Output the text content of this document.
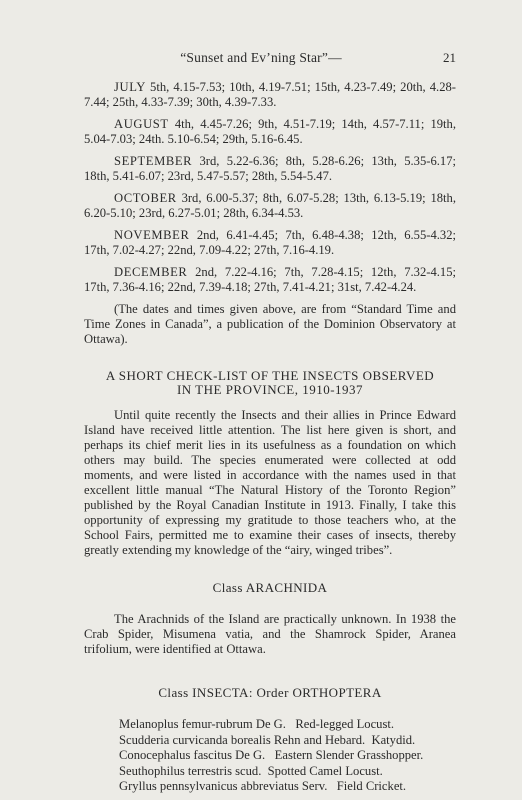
“Sunset and Ev’ning Star”—	21

JULY 5th, 4.15-7.53; 10th, 4.19-7.51; 15th, 4.23-7.49; 20th, 4.28-7.44; 25th, 4.33-7.39; 30th, 4.39-7.33.

AUGUST 4th, 4.45-7.26; 9th, 4.51-7.19; 14th, 4.57-7.11; 19th, 5.04-7.03; 24th. 5.10-6.54; 29th, 5.16-6.45.

SEPTEMBER 3rd, 5.22-6.36; 8th, 5.28-6.26; 13th, 5.35-6.17; 18th, 5.41-6.07; 23rd, 5.47-5.57; 28th, 5.54-5.47.

OCTOBER 3rd, 6.00-5.37; 8th, 6.07-5.28; 13th, 6.13-5.19; 18th, 6.20-5.10; 23rd, 6.27-5.01; 28th, 6.34-4.53.

NOVEMBER 2nd, 6.41-4.45; 7th, 6.48-4.38; 12th, 6.55-4.32; 17th, 7.02-4.27; 22nd, 7.09-4.22; 27th, 7.16-4.19.

DECEMBER 2nd, 7.22-4.16; 7th, 7.28-4.15; 12th, 7.32-4.15; 17th, 7.36-4.16; 22nd, 7.39-4.18; 27th, 7.41-4.21; 31st, 7.42-4.24.

(The dates and times given above, are from “Standard Time and Time Zones in Canada”, a publication of the Dominion Observatory at Ottawa).

A SHORT CHECK-LIST OF THE INSECTS OBSERVED
IN THE PROVINCE, 1910-1937

Until quite recently the Insects and their allies in Prince Edward Island have received little attention. The list here given is short, and perhaps its chief merit lies in its usefulness as a foundation on which others may build. The species enumerated were collected at odd moments, and were listed in accordance with the names used in that excellent little manual “The Natural History of the Toronto Region” published by the Royal Canadian Institute in 1913. Finally, I take this opportunity of expressing my gratitude to those teachers who, at the School Fairs, permitted me to examine their cases of insects, thereby greatly extending my knowledge of the “airy, winged tribes”.

Class ARACHNIDA

The Arachnids of the Island are practically unknown. In 1938 the Crab Spider, Misumena vatia, and the Shamrock Spider, Aranea trifolium, were identified at Ottawa.

Class INSECTA: Order ORTHOPTERA
Melanoplus femur-rubrum De G. Red-legged Locust.
Scudderia curvicanda borealis Rehn and Hebard. Katydid.
Conocephalus fascitus De G. Eastern Slender Grasshopper.
Seuthophilus terrestris scud. Spotted Camel Locust.
Gryllus pennsylvanicus abbreviatus Serv. Field Cricket.
